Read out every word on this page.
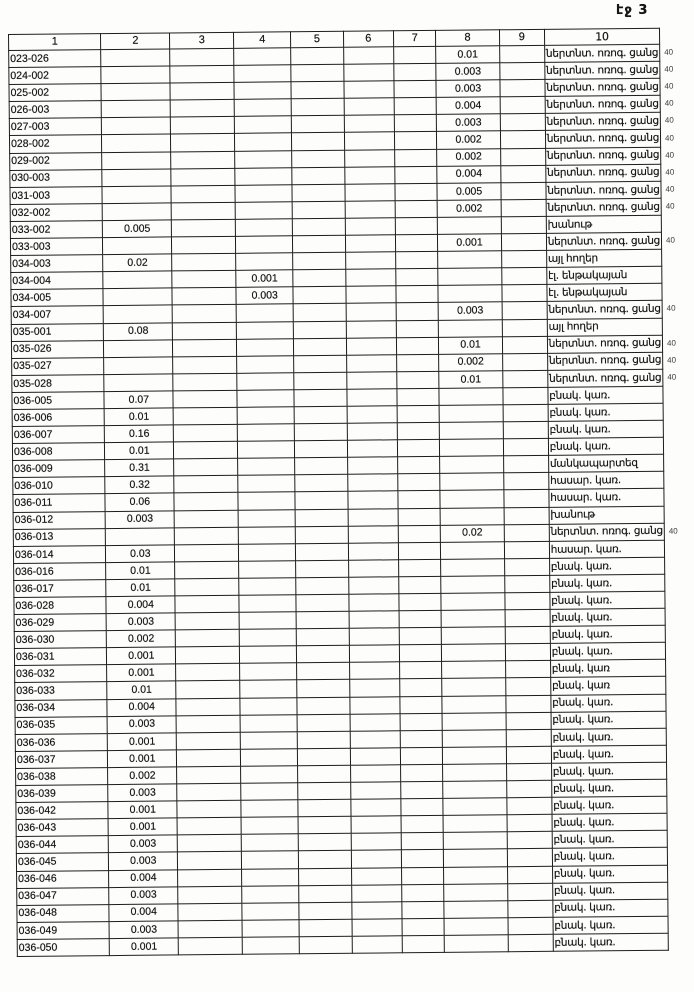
էջ 3
1	2	3	4	5	6	7	8	9	10	
023-026							0.01		ներտնտ. ոռոգ. ցանց	40
024-002							0.003		ներտնտ. ոռոգ. ցանց	40
025-002							0.003		ներտնտ. ոռոգ. ցանց	40
026-003							0.004		ներտնտ. ոռոգ. ցանց	40
027-003							0.003		ներտնտ. ոռոգ. ցանց	40
028-002							0.002		ներտնտ. ոռոգ. ցանց	40
029-002							0.002		ներտնտ. ոռոգ. ցանց	40
030-003							0.004		ներտնտ. ոռոգ. ցանց	40
031-003							0.005		ներտնտ. ոռոգ. ցանց	40
032-002							0.002		ներտնտ. ոռոգ. ցանց	40
033-002	0.005								խանութ	
033-003							0.001		ներտնտ. ոռոգ. ցանց	40
034-003	0.02								այլ հողեր	
034-004			0.001						էլ. ենթակայան	
034-005			0.003						էլ. ենթակայան	
034-007							0.003		ներտնտ. ոռոգ. ցանց	40
035-001	0.08								այլ հողեր	
035-026							0.01		ներտնտ. ոռոգ. ցանց	40
035-027							0.002		ներտնտ. ոռոգ. ցանց	40
035-028							0.01		ներտնտ. ոռոգ. ցանց	40
036-005	0.07								բնակ. կառ.	
036-006	0.01								բնակ. կառ.	
036-007	0.16								բնակ. կառ.	
036-008	0.01								բնակ. կառ.	
036-009	0.31								մանկապարտեզ	
036-010	0.32								հասար. կառ.	
036-011	0.06								հասար. կառ.	
036-012	0.003								խանութ	
036-013							0.02		ներտնտ. ոռոգ. ցանց	40
036-014	0.03								հասար. կառ.	
036-016	0.01								բնակ. կառ.	
036-017	0.01								բնակ. կառ.	
036-028	0.004								բնակ. կառ.	
036-029	0.003								բնակ. կառ.	
036-030	0.002								բնակ. կառ.	
036-031	0.001								բնակ. կառ.	
036-032	0.001								բնակ. կառ	
036-033	0.01								բնակ. կառ	
036-034	0.004								բնակ. կառ.	
036-035	0.003								բնակ. կառ.	
036-036	0.001								բնակ. կառ.	
036-037	0.001								բնակ. կառ.	
036-038	0.002								բնակ. կառ.	
036-039	0.003								բնակ. կառ.	
036-042	0.001								բնակ. կառ.	
036-043	0.001								բնակ. կառ.	
036-044	0.003								բնակ. կառ.	
036-045	0.003								բնակ. կառ.	
036-046	0.004								բնակ. կառ.	
036-047	0.003								բնակ. կառ.	
036-048	0.004								բնակ. կառ.	
036-049	0.003								բնակ. կառ.	
036-050	0.001								բնակ. կառ.	
